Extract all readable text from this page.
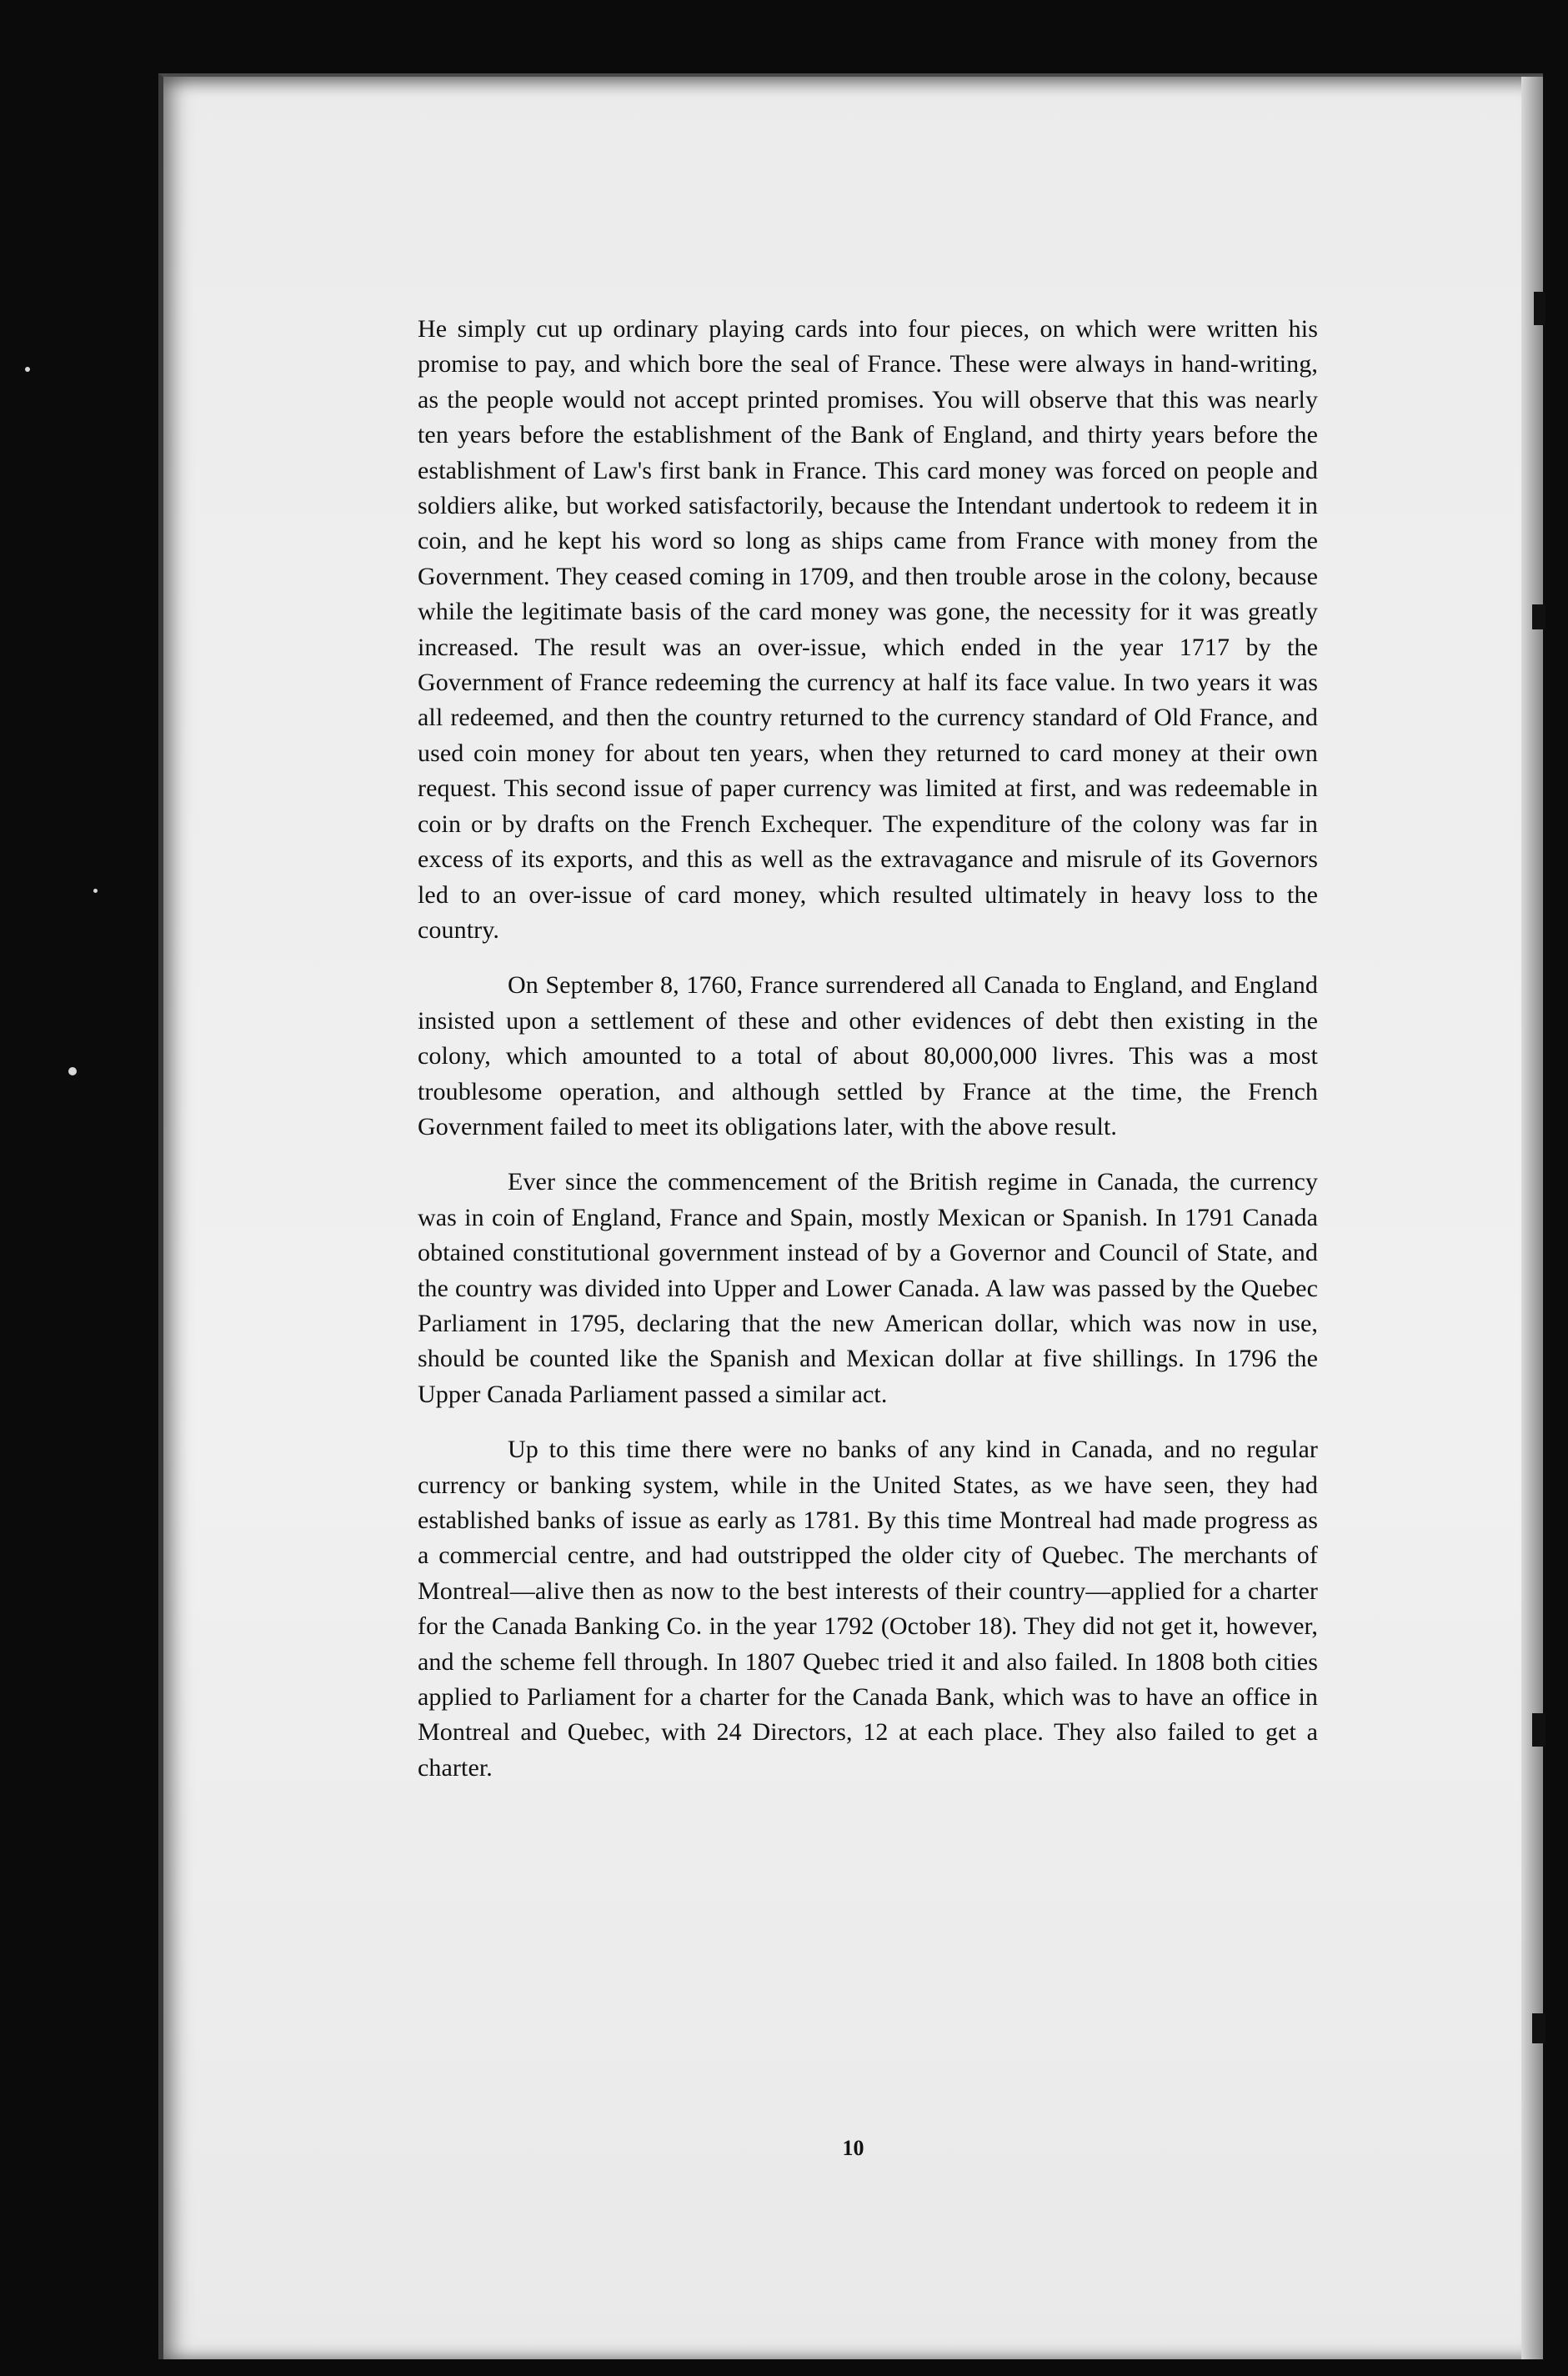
He simply cut up ordinary playing cards into four pieces, on which were written his promise to pay, and which bore the seal of France. These were always in hand-writing, as the people would not accept printed promises. You will observe that this was nearly ten years before the establishment of the Bank of England, and thirty years before the establishment of Law's first bank in France. This card money was forced on people and soldiers alike, but worked satisfactorily, because the Intendant undertook to redeem it in coin, and he kept his word so long as ships came from France with money from the Government. They ceased coming in 1709, and then trouble arose in the colony, because while the legitimate basis of the card money was gone, the necessity for it was greatly increased. The result was an over-issue, which ended in the year 1717 by the Government of France redeeming the currency at half its face value. In two years it was all redeemed, and then the country returned to the currency standard of Old France, and used coin money for about ten years, when they returned to card money at their own request. This second issue of paper currency was limited at first, and was redeemable in coin or by drafts on the French Exchequer. The expenditure of the colony was far in excess of its exports, and this as well as the extravagance and misrule of its Governors led to an over-issue of card money, which resulted ultimately in heavy loss to the country.

On September 8, 1760, France surrendered all Canada to England, and England insisted upon a settlement of these and other evidences of debt then existing in the colony, which amounted to a total of about 80,000,000 livres. This was a most troublesome operation, and although settled by France at the time, the French Government failed to meet its obligations later, with the above result.

Ever since the commencement of the British regime in Canada, the currency was in coin of England, France and Spain, mostly Mexican or Spanish. In 1791 Canada obtained constitutional government instead of by a Governor and Council of State, and the country was divided into Upper and Lower Canada. A law was passed by the Quebec Parliament in 1795, declaring that the new American dollar, which was now in use, should be counted like the Spanish and Mexican dollar at five shillings. In 1796 the Upper Canada Parliament passed a similar act.

Up to this time there were no banks of any kind in Canada, and no regular currency or banking system, while in the United States, as we have seen, they had established banks of issue as early as 1781. By this time Montreal had made progress as a commercial centre, and had outstripped the older city of Quebec. The merchants of Montreal—alive then as now to the best interests of their country—applied for a charter for the Canada Banking Co. in the year 1792 (October 18). They did not get it, however, and the scheme fell through. In 1807 Quebec tried it and also failed. In 1808 both cities applied to Parliament for a charter for the Canada Bank, which was to have an office in Montreal and Quebec, with 24 Directors, 12 at each place. They also failed to get a charter.

10
